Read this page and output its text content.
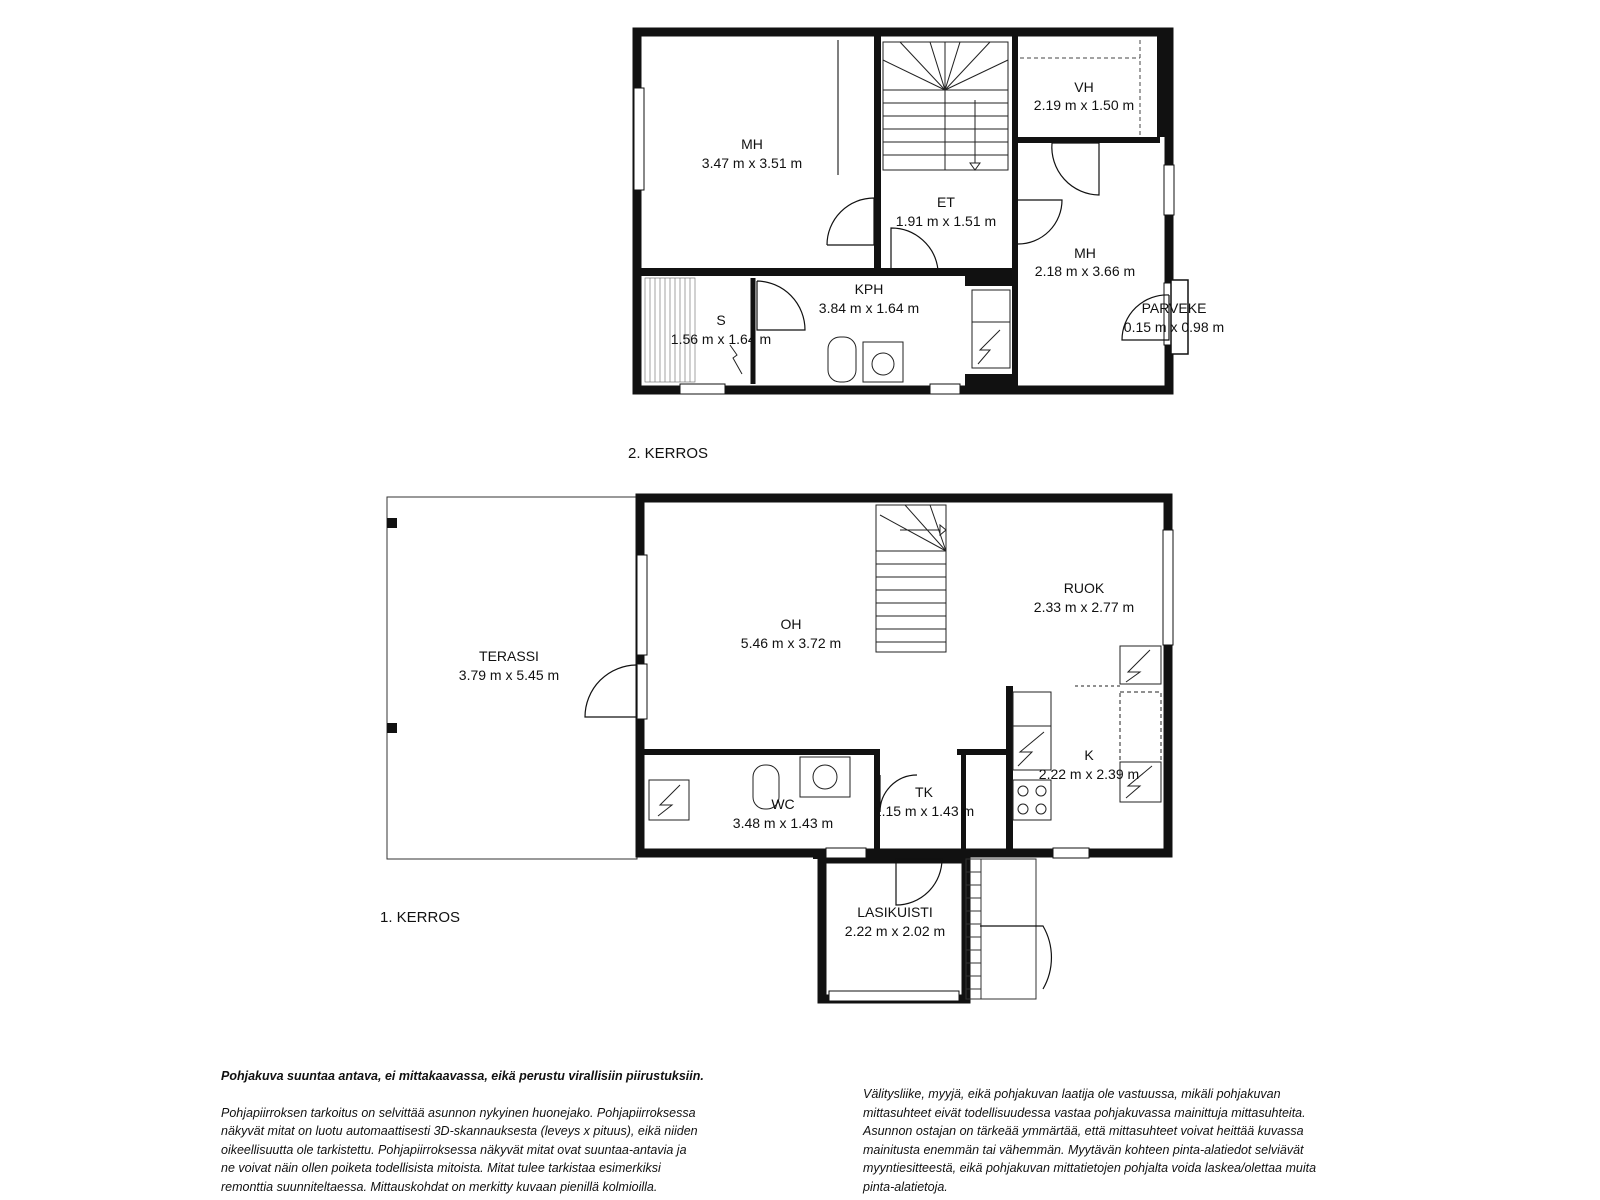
MH
3.47 m x 3.51 m
VH
2.19 m x 1.50 m
ET
1.91 m x 1.51 m
MH
2.18 m x 3.66 m
KPH
3.84 m x 1.64 m
S
1.56 m x 1.64 m
PARVEKE
0.15 m x 0.98 m
2. KERROS
TERASSI
3.79 m x 5.45 m
OH
5.46 m x 3.72 m
RUOK
2.33 m x 2.77 m
K
2.22 m x 2.39 m
WC
3.48 m x 1.43 m
TK
1.15 m x 1.43 m
LASIKUISTI
2.22 m x 2.02 m
1. KERROS

Pohjakuva suuntaa antava, ei mittakaavassa, eikä perustu virallisiin piirustuksiin.

Pohjapiirroksen tarkoitus on selvittää asunnon nykyinen huonejako. Pohjapiirroksessa
näkyvät mitat on luotu automaattisesti 3D-skannauksesta (leveys x pituus), eikä niiden
oikeellisuutta ole tarkistettu. Pohjapiirroksessa näkyvät mitat ovat suuntaa-antavia ja
ne voivat näin ollen poiketa todellisista mitoista. Mitat tulee tarkistaa esimerkiksi
remonttia suunniteltaessa. Mittauskohdat on merkitty kuvaan pienillä kolmioilla.
Välitysliike, myyjä, eikä pohjakuvan laatija ole vastuussa, mikäli pohjakuvan
mittasuhteet eivät todellisuudessa vastaa pohjakuvassa mainittuja mittasuhteita.
Asunnon ostajan on tärkeää ymmärtää, että mittasuhteet voivat heittää kuvassa
mainitusta enemmän tai vähemmän. Myytävän kohteen pinta-alatiedot selviävät
myyntiesitteestä, eikä pohjakuvan mittatietojen pohjalta voida laskea/olettaa muita
pinta-alatietoja.
